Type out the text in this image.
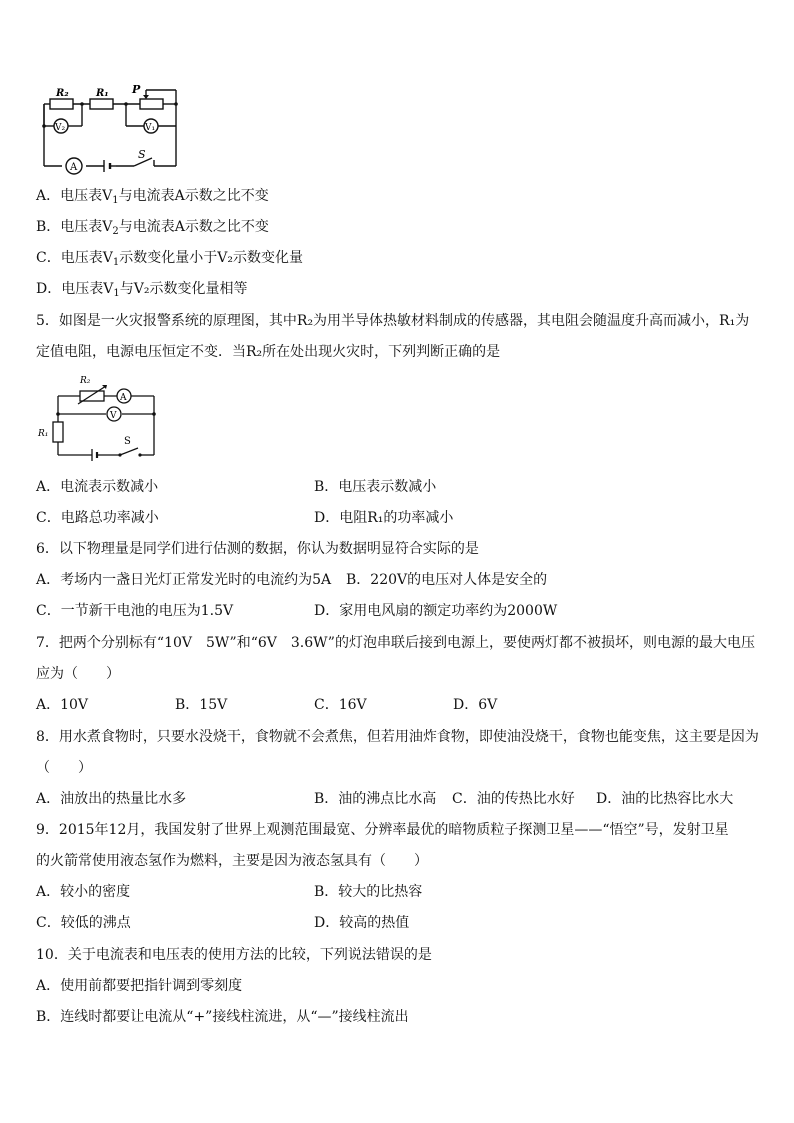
R₂	R₁ P
V₂	V₁
A
S
A．电压表$V_1$与电流表A示数之比不变
B．电压表$V_2$与电流表A示数之比不变
C．电压表$V_1$示数变化量小于V₂示数变化量
D．电压表$V_1$与V₂示数变化量相等
5．如图是一火灾报警系统的原理图，其中R₂为用半导体热敏材料制成的传感器，其电阻会随温度升高而减小，R₁为
定值电阻，电源电压恒定不变．当R₂所在处出现火灾时，下列判断正确的是
R₂
A
V
R₁
S
A．电流表示数减小	B．电压表示数减小
C．电路总功率减小	D．电阻R₁的功率减小
6．以下物理量是同学们进行估测的数据，你认为数据明显符合实际的是
A．考场内一盏日光灯正常发光时的电流约为5A B．220V的电压对人体是安全的
C．一节新干电池的电压为1.5V	D．家用电风扇的额定功率约为2000W
7．把两个分别标有“10V　5W”和“6V　3.6W”的灯泡串联后接到电源上，要使两灯都不被损坏，则电源的最大电压
应为（　　）
A．10V	B．15V	C．16V	D．6V
8．用水煮食物时，只要水没烧干，食物就不会煮焦，但若用油炸食物，即使油没烧干，食物也能变焦，这主要是因为
（　　）
A．油放出的热量比水多	B．油的沸点比水高 C．油的传热比水好 D．油的比热容比水大
9．2015年12月，我国发射了世界上观测范围最宽、分辨率最优的暗物质粒子探测卫星——“悟空”号，发射卫星
的火箭常使用液态氢作为燃料，主要是因为液态氢具有（　　）
A．较小的密度	B．较大的比热容
C．较低的沸点	D．较高的热值
10．关于电流表和电压表的使用方法的比较，下列说法错误的是
A．使用前都要把指针调到零刻度
B．连线时都要让电流从“+”接线柱流进，从“—”接线柱流出
